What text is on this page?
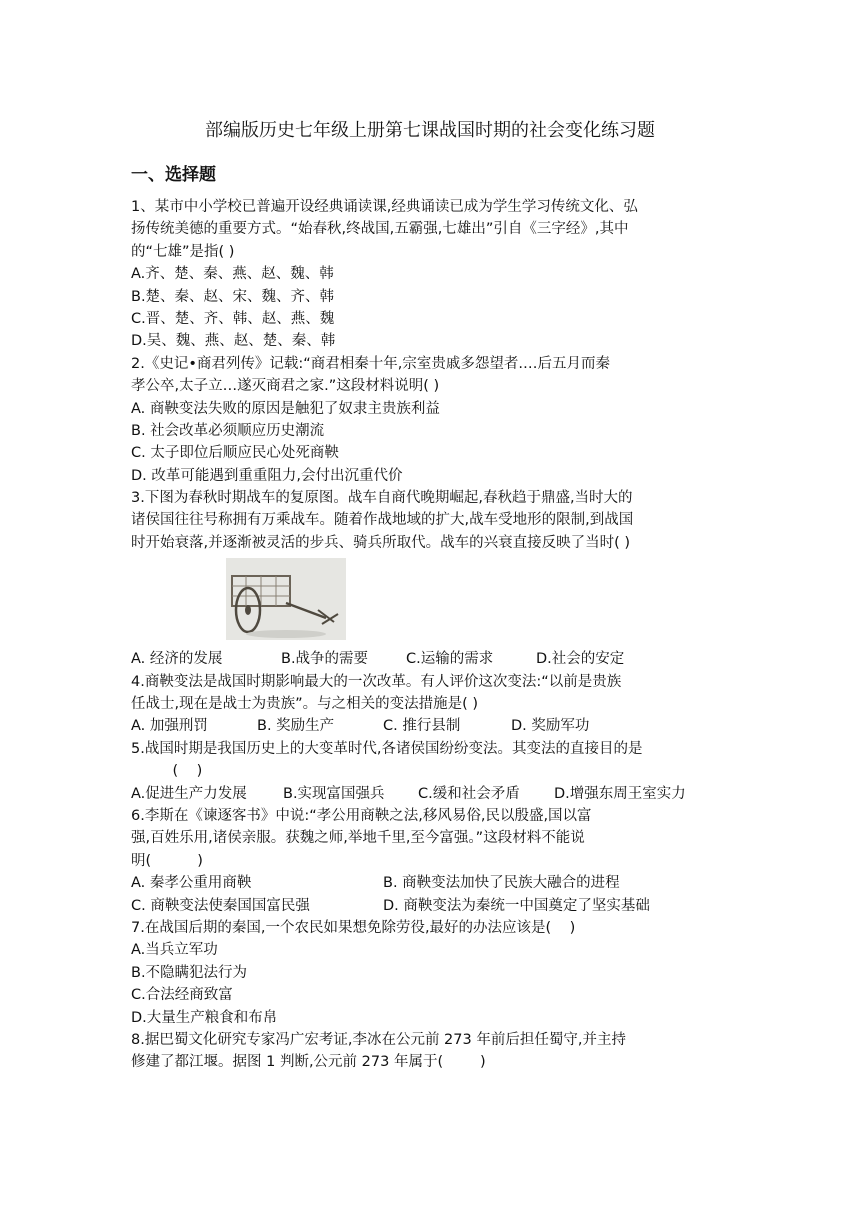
部编版历史七年级上册第七课战国时期的社会变化练习题
一、选择题
1、某市中小学校已普遍开设经典诵读课,经典诵读已成为学生学习传统文化、弘
扬传统美德的重要方式。“始春秋,终战国,五霸强,七雄出”引自《三字经》,其中
的“七雄”是指( )
A.齐、楚、秦、燕、赵、魏、韩
B.楚、秦、赵、宋、魏、齐、韩
C.晋、楚、齐、韩、赵、燕、魏
D.吴、魏、燕、赵、楚、秦、韩
2.《史记•商君列传》记载:“商君相秦十年,宗室贵戚多怨望者.…后五月而秦
孝公卒,太子立…遂灭商君之家.”这段材料说明( )
A. 商鞅变法失败的原因是触犯了奴隶主贵族利益
B. 社会改革必须顺应历史潮流
C. 太子即位后顺应民心处死商鞅
D. 改革可能遇到重重阻力,会付出沉重代价
3.下图为春秋时期战车的复原图。战车自商代晚期崛起,春秋趋于鼎盛,当时大的
诸侯国往往号称拥有万乘战车。随着作战地域的扩大,战车受地形的限制,到战国
时开始衰落,并逐渐被灵活的步兵、骑兵所取代。战车的兴衰直接反映了当时( )
A. 经济的发展	B.战争的需要	C.运输的需求	D.社会的安定
4.商鞅变法是战国时期影响最大的一次改革。有人评价这次变法:“以前是贵族
任战士,现在是战士为贵族”。与之相关的变法措施是( )
A. 加强刑罚	B. 奖励生产	C. 推行县制	D. 奖励军功
5.战国时期是我国历史上的大变革时代,各诸侯国纷纷变法。其变法的直接目的是
(    )
A.促进生产力发展	B.实现富国强兵	C.缓和社会矛盾	D.增强东周王室实力
6.李斯在《谏逐客书》中说:“孝公用商鞅之法,移风易俗,民以殷盛,国以富
强,百姓乐用,诸侯亲服。获魏之师,举地千里,至今富强。”这段材料不能说
明(          )
A. 秦孝公重用商鞅	B. 商鞅变法加快了民族大融合的进程
C. 商鞅变法使秦国国富民强	D. 商鞅变法为秦统一中国奠定了坚实基础
7.在战国后期的秦国,一个农民如果想免除劳役,最好的办法应该是(    )
A.当兵立军功
B.不隐瞒犯法行为
C.合法经商致富
D.大量生产粮食和布帛
8.据巴蜀文化研究专家冯广宏考证,李冰在公元前 273 年前后担任蜀守,并主持
修建了都江堰。据图 1 判断,公元前 273 年属于(        )
